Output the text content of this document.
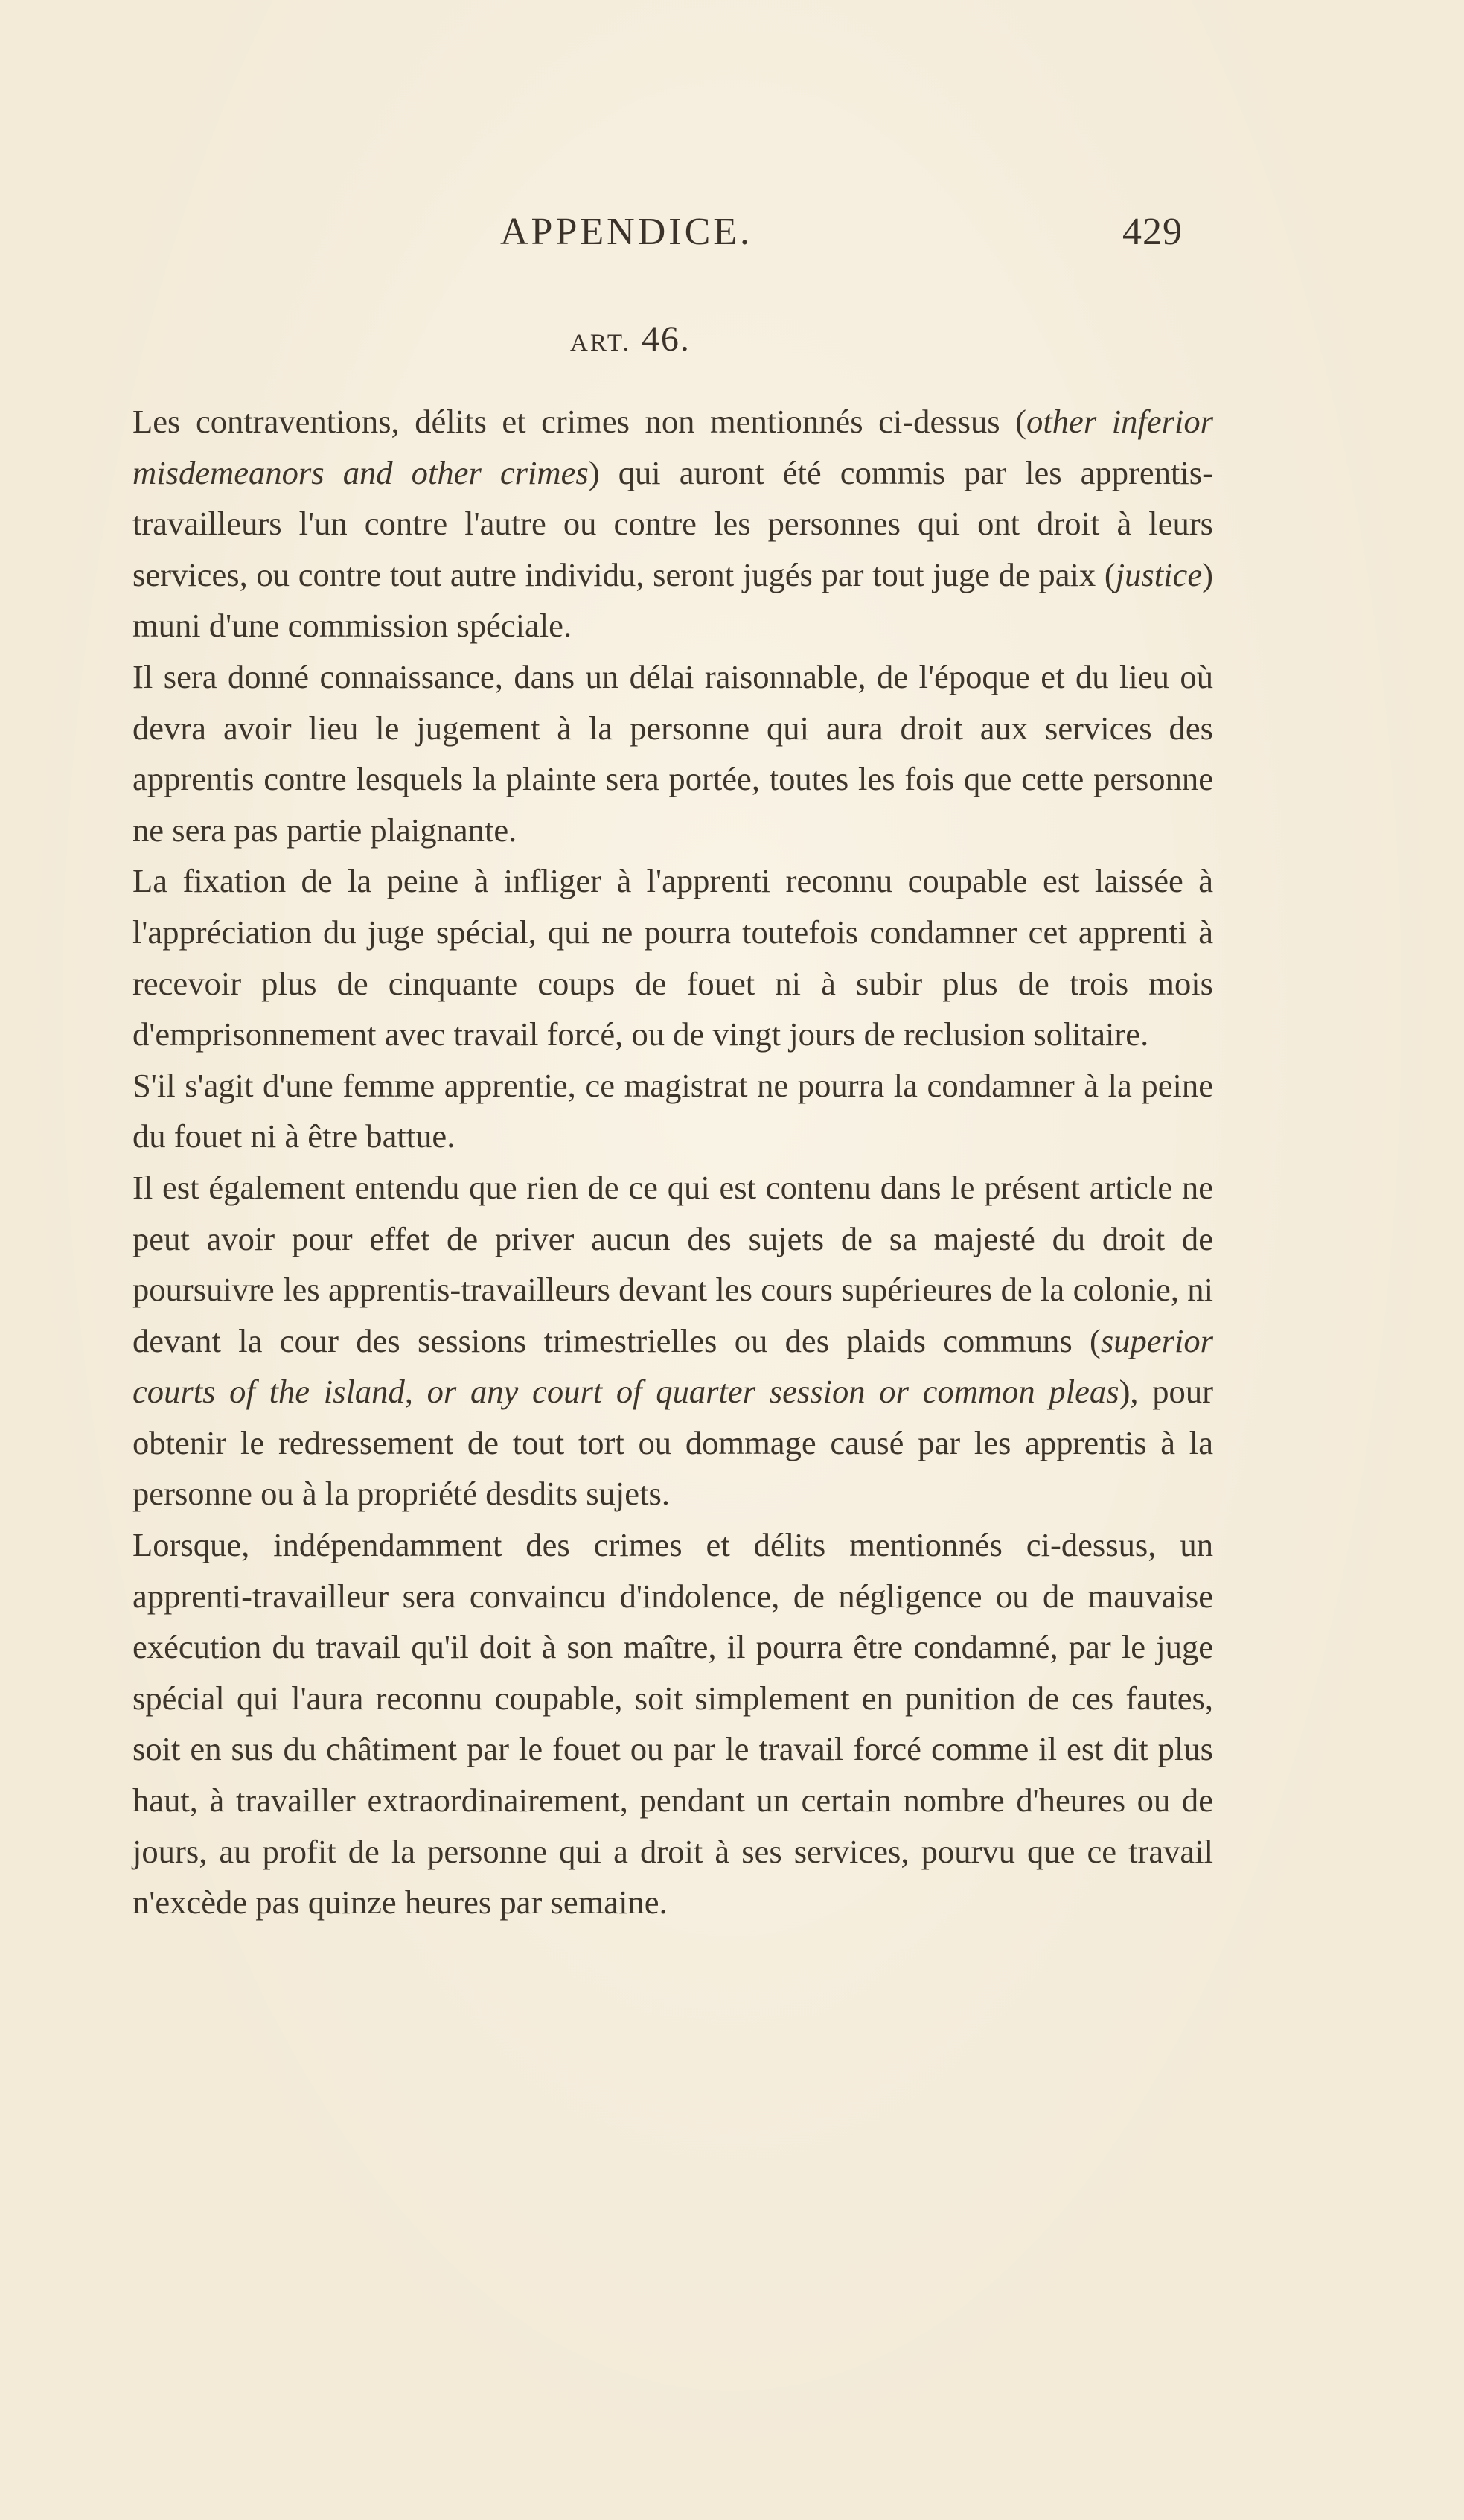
APPENDICE.	429
ART. 46.

Les contraventions, délits et crimes non mentionnés ci-dessus (other inferior misdemeanors and other crimes) qui auront été commis par les apprentis-travailleurs l'un contre l'autre ou contre les personnes qui ont droit à leurs services, ou contre tout autre individu, seront jugés par tout juge de paix (justice) muni d'une commission spéciale.

Il sera donné connaissance, dans un délai raisonnable, de l'époque et du lieu où devra avoir lieu le jugement à la personne qui aura droit aux services des apprentis contre lesquels la plainte sera portée, toutes les fois que cette personne ne sera pas partie plaignante.

La fixation de la peine à infliger à l'apprenti reconnu coupable est laissée à l'appréciation du juge spécial, qui ne pourra toutefois condamner cet apprenti à recevoir plus de cinquante coups de fouet ni à subir plus de trois mois d'emprisonnement avec travail forcé, ou de vingt jours de reclusion solitaire.

S'il s'agit d'une femme apprentie, ce magistrat ne pourra la condamner à la peine du fouet ni à être battue.

Il est également entendu que rien de ce qui est contenu dans le présent article ne peut avoir pour effet de priver aucun des sujets de sa majesté du droit de poursuivre les apprentis-travailleurs devant les cours supérieures de la colonie, ni devant la cour des sessions trimestrielles ou des plaids communs (superior courts of the island, or any court of quarter session or common pleas), pour obtenir le redressement de tout tort ou dommage causé par les apprentis à la personne ou à la propriété desdits sujets.

Lorsque, indépendamment des crimes et délits mentionnés ci-dessus, un apprenti-travailleur sera convaincu d'indolence, de négligence ou de mauvaise exécution du travail qu'il doit à son maître, il pourra être condamné, par le juge spécial qui l'aura reconnu coupable, soit simplement en punition de ces fautes, soit en sus du châtiment par le fouet ou par le travail forcé comme il est dit plus haut, à travailler extraordinairement, pendant un certain nombre d'heures ou de jours, au profit de la personne qui a droit à ses services, pourvu que ce travail n'excède pas quinze heures par semaine.
